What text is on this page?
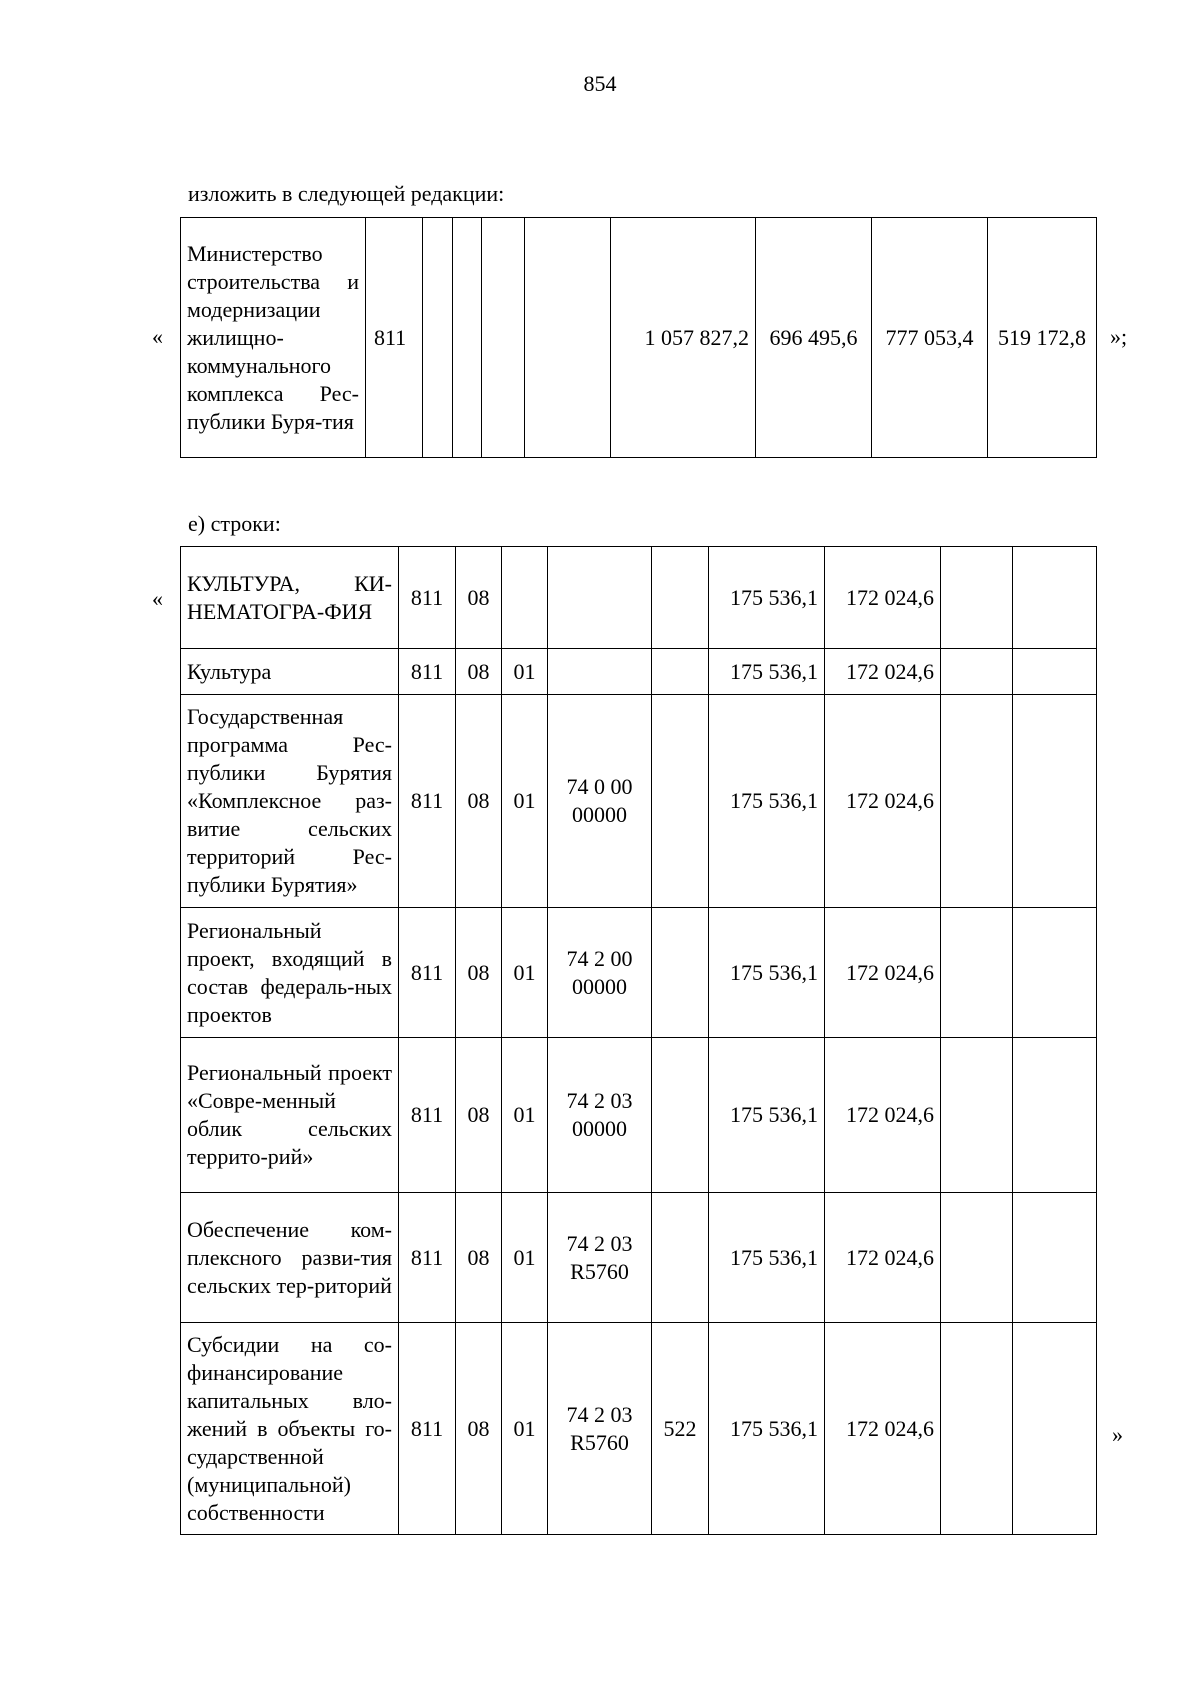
854
изложить в следующей редакции:
«
Министерство строительства и модернизации жилищно-коммунального комплекса Рес-публики Буря-тия	811					1 057 827,2	696 495,6	777 053,4	519 172,8 »;
е) строки:
«
КУЛЬТУРА, КИ-НЕМАТОГРА-ФИЯ	811	08				175 536,1	172 024,6		
Культура	811	08	01			175 536,1	172 024,6		
Государственная программа Рес-публики Бурятия «Комплексное раз-витие сельских территорий Рес-публики Бурятия»	811	08	01	74 0 00 00000		175 536,1	172 024,6		
Региональный проект, входящий в состав федераль-ных проектов	811	08	01	74 2 00 00000		175 536,1	172 024,6		
Региональный проект «Совре-менный облик сельских террито-рий»	811	08	01	74 2 03 00000		175 536,1	172 024,6		
Обеспечение ком-плексного разви-тия сельских тер-риторий	811	08	01	74 2 03 R5760		175 536,1	172 024,6		
Субсидии на со-финансирование капитальных вло-жений в объекты го-сударственной (муниципальной) собственности	811	08	01	74 2 03 R5760	522	175 536,1	172 024,6			»
